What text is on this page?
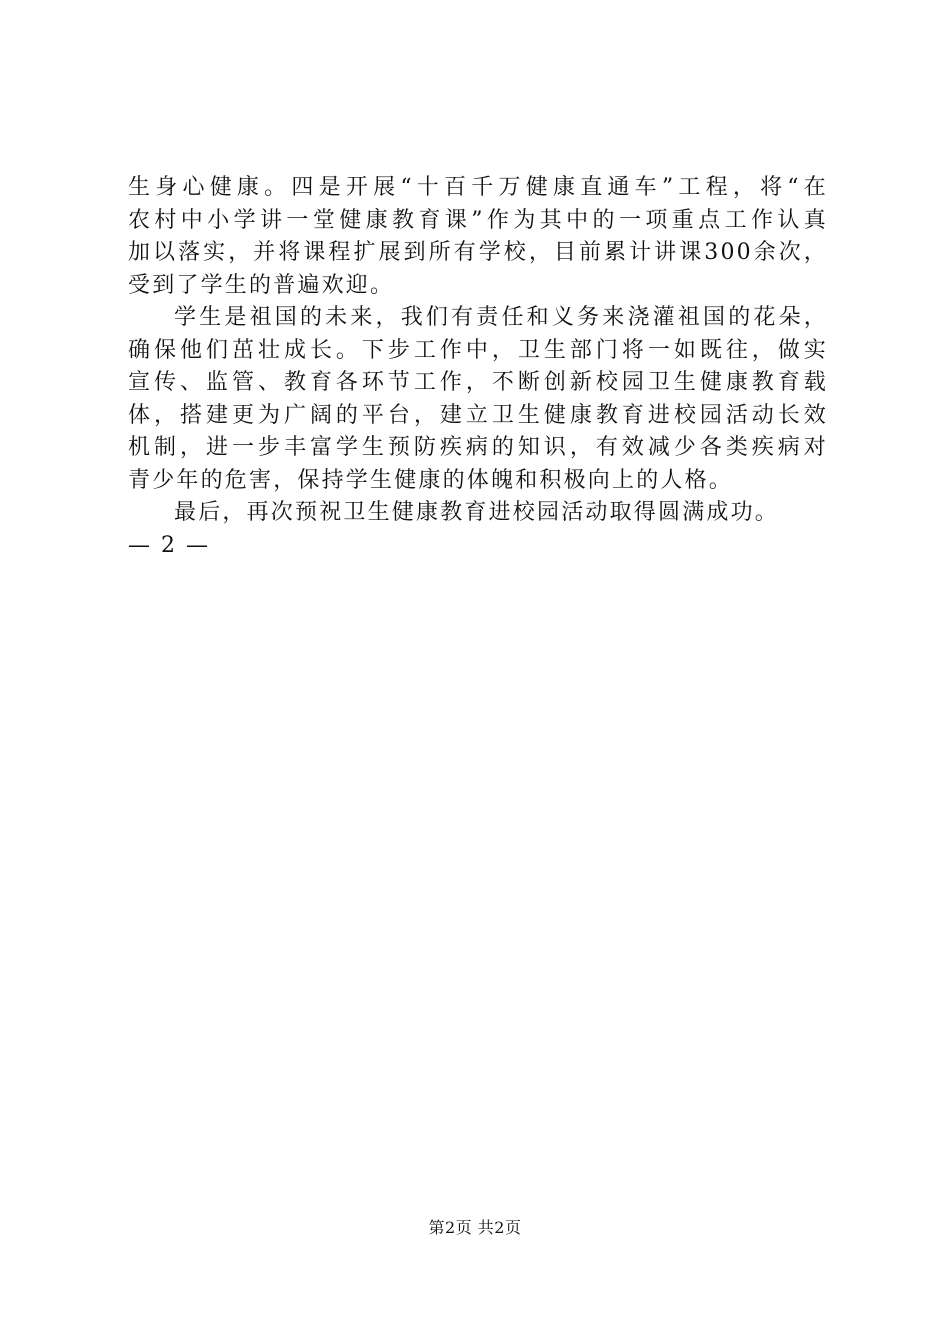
生身心健康。四是开展“十百千万健康直通车”工程，将“在
农村中小学讲一堂健康教育课”作为其中的一项重点工作认真
加以落实，并将课程扩展到所有学校，目前累计讲课300余次，
受到了学生的普遍欢迎。
学生是祖国的未来，我们有责任和义务来浇灌祖国的花朵，
确保他们茁壮成长。下步工作中，卫生部门将一如既往，做实
宣传、监管、教育各环节工作，不断创新校园卫生健康教育载
体，搭建更为广阔的平台，建立卫生健康教育进校园活动长效
机制，进一步丰富学生预防疾病的知识，有效减少各类疾病对
青少年的危害，保持学生健康的体魄和积极向上的人格。
最后，再次预祝卫生健康教育进校园活动取得圆满成功。
— 2 —
第2页 共2页
